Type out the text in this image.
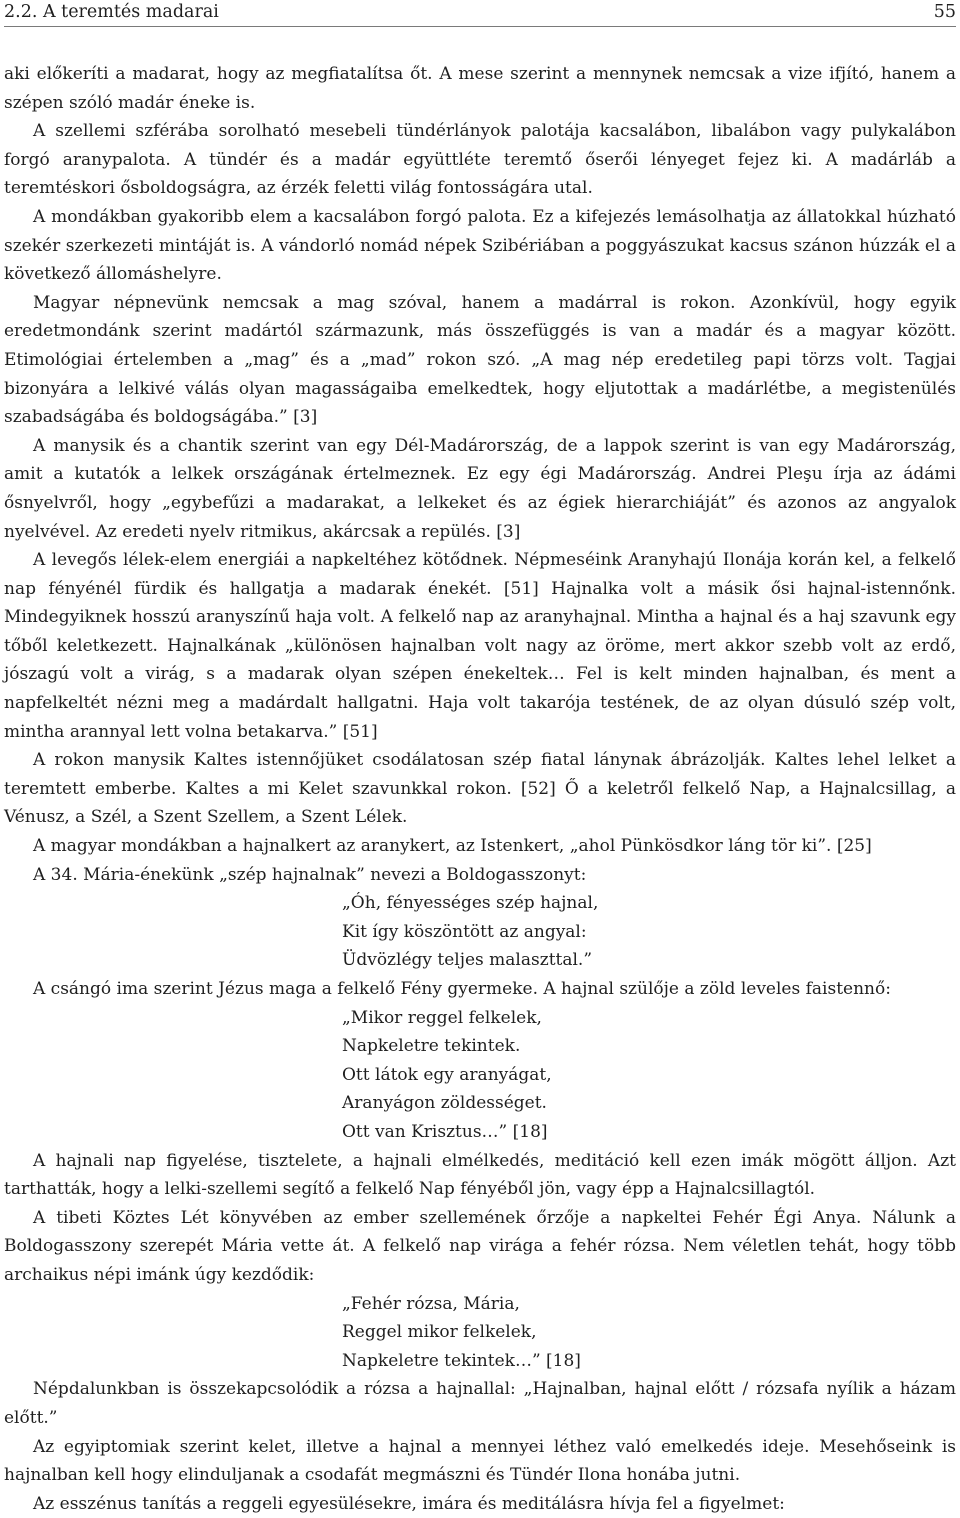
2.2. A teremtés madarai	55

aki előkeríti a madarat, hogy az megfiatalítsa őt. A mese szerint a mennynek nemcsak a vize ifjító, hanem a szépen szóló madár éneke is.

A szellemi szférába sorolható mesebeli tündérlányok palotája kacsalábon, libalábon vagy pulykalábon forgó aranypalota. A tündér és a madár együttléte teremtő őserői lényeget fejez ki. A madárláb a teremtéskori ősboldogságra, az érzék feletti világ fontosságára utal.

A mondákban gyakoribb elem a kacsalábon forgó palota. Ez a kifejezés lemásolhatja az állatokkal húzható szekér szerkezeti mintáját is. A vándorló nomád népek Szibériában a poggyászukat kacsus szánon húzzák el a következő állomáshelyre.

Magyar népnevünk nemcsak a mag szóval, hanem a madárral is rokon. Azonkívül, hogy egyik eredetmondánk szerint madártól származunk, más összefüggés is van a madár és a magyar között. Etimológiai értelemben a „mag” és a „mad” rokon szó. „A mag nép eredetileg papi törzs volt. Tagjai bizonyára a lelkivé válás olyan magasságaiba emelkedtek, hogy eljutottak a madárlétbe, a megistenülés szabadságába és boldogságába.” [3]

A manysik és a chantik szerint van egy Dél-Madárország, de a lappok szerint is van egy Madárország, amit a kutatók a lelkek országának értelmeznek. Ez egy égi Madárország. Andrei Pleşu írja az ádámi ősnyelvről, hogy „egybefűzi a madarakat, a lelkeket és az égiek hierarchiáját” és azonos az angyalok nyelvével. Az eredeti nyelv ritmikus, akárcsak a repülés. [3]

A levegős lélek-elem energiái a napkeltéhez kötődnek. Népmeséink Aranyhajú Ilonája korán kel, a felkelő nap fényénél fürdik és hallgatja a madarak énekét. [51] Hajnalka volt a másik ősi hajnal-istennőnk. Mindegyiknek hosszú aranyszínű haja volt. A felkelő nap az aranyhajnal. Mintha a hajnal és a haj szavunk egy tőből keletkezett. Hajnalkának „különösen hajnalban volt nagy az öröme, mert akkor szebb volt az erdő, jószagú volt a virág, s a madarak olyan szépen énekeltek… Fel is kelt minden hajnalban, és ment a napfelkeltét nézni meg a madárdalt hallgatni. Haja volt takarója testének, de az olyan dúsuló szép volt, mintha arannyal lett volna betakarva.” [51]

A rokon manysik Kaltes istennőjüket csodálatosan szép fiatal lánynak ábrázolják. Kaltes lehel lelket a teremtett emberbe. Kaltes a mi Kelet szavunkkal rokon. [52] Ő a keletről felkelő Nap, a Hajnalcsillag, a Vénusz, a Szél, a Szent Szellem, a Szent Lélek.

A magyar mondákban a hajnalkert az aranykert, az Istenkert, „ahol Pünkösdkor láng tör ki”. [25]

A 34. Mária-énekünk „szép hajnalnak” nevezi a Boldogasszonyt:

„Óh, fényességes szép hajnal,
Kit így köszöntött az angyal:
Üdvözlégy teljes malaszttal.”

A csángó ima szerint Jézus maga a felkelő Fény gyermeke. A hajnal szülője a zöld leveles faistennő:

„Mikor reggel felkelek,
Napkeletre tekintek.
Ott látok egy aranyágat,
Aranyágon zöldességet.
Ott van Krisztus…” [18]

A hajnali nap figyelése, tisztelete, a hajnali elmélkedés, meditáció kell ezen imák mögött álljon. Azt tarthatták, hogy a lelki-szellemi segítő a felkelő Nap fényéből jön, vagy épp a Hajnalcsillagtól.

A tibeti Köztes Lét könyvében az ember szellemének őrzője a napkeltei Fehér Égi Anya. Nálunk a Boldogasszony szerepét Mária vette át. A felkelő nap virága a fehér rózsa. Nem véletlen tehát, hogy több archaikus népi imánk úgy kezdődik:

„Fehér rózsa, Mária,
Reggel mikor felkelek,
Napkeletre tekintek…” [18]

Népdalunkban is összekapcsolódik a rózsa a hajnallal: „Hajnalban, hajnal előtt / rózsafa nyílik a házam előtt.”

Az egyiptomiak szerint kelet, illetve a hajnal a mennyei léthez való emelkedés ideje. Mesehőseink is hajnalban kell hogy elinduljanak a csodafát megmászni és Tündér Ilona honába jutni.

Az esszénus tanítás a reggeli egyesülésekre, imára és meditálásra hívja fel a figyelmet:
